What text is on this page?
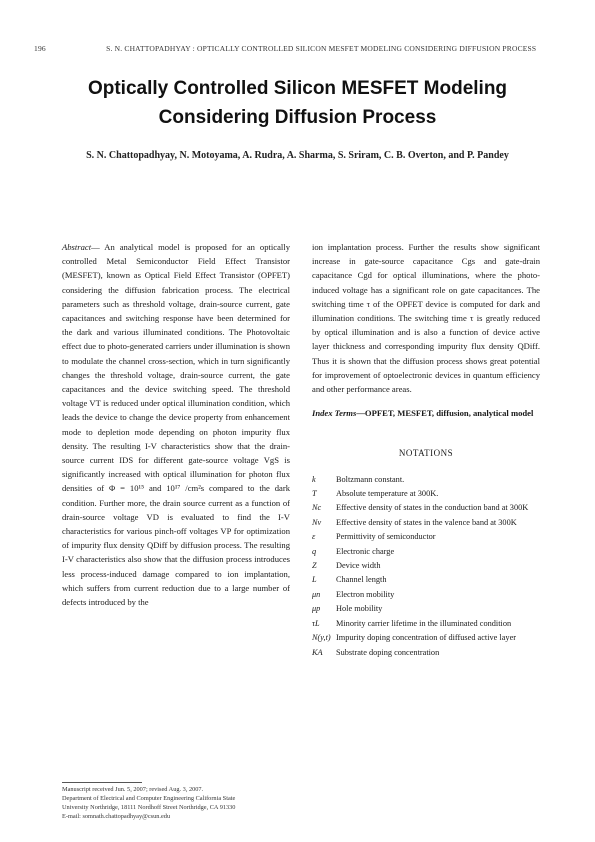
196	S. N. CHATTOPADHYAY : OPTICALLY CONTROLLED SILICON MESFET MODELING CONSIDERING DIFFUSION PROCESS
Optically Controlled Silicon MESFET Modeling
Considering Diffusion Process
S. N. Chattopadhyay, N. Motoyama, A. Rudra, A. Sharma, S. Sriram, C. B. Overton, and P. Pandey

Abstract— An analytical model is proposed for an optically controlled Metal Semiconductor Field Effect Transistor (MESFET), known as Optical Field Effect Transistor (OPFET) considering the diffusion fabrication process. The electrical parameters such as threshold voltage, drain-source current, gate capacitances and switching response have been determined for the dark and various illuminated conditions. The Photovoltaic effect due to photo-generated carriers under illumination is shown to modulate the channel cross-section, which in turn significantly changes the threshold voltage, drain-source current, the gate capacitances and the device switching speed. The threshold voltage VT is reduced under optical illumination condition, which leads the device to change the device property from enhancement mode to depletion mode depending on photon impurity flux density. The resulting I-V characteristics show that the drain-source current IDS for different gate-source voltage VgS is significantly increased with optical illumination for photon flux densities of Φ = 10¹⁵ and 10¹⁷ /cm²s compared to the dark condition. Further more, the drain source current as a function of drain-source voltage VD is evaluated to find the I-V characteristics for various pinch-off voltages VP for optimization of impurity flux density QDiff by diffusion process. The resulting I-V characteristics also show that the diffusion process introduces less process-induced damage compared to ion implantation, which suffers from current reduction due to a large number of defects introduced by the

ion implantation process. Further the results show significant increase in gate-source capacitance Cgs and gate-drain capacitance Cgd for optical illuminations, where the photo-induced voltage has a significant role on gate capacitances. The switching time τ of the OPFET device is computed for dark and illumination conditions. The switching time τ is greatly reduced by optical illumination and is also a function of device active layer thickness and corresponding impurity flux density QDiff. Thus it is shown that the diffusion process shows great potential for improvement of optoelectronic devices in quantum efficiency and other performance areas.

Index Terms—OPFET, MESFET, diffusion, analytical model

NOTATIONS
k	Boltzmann constant.
T	Absolute temperature at 300K.
Nc	Effective density of states in the conduction band at 300K
Nv	Effective density of states in the valence band at 300K
ε	Permittivity of semiconductor
q	Electronic charge
Z	Device width
L	Channel length
μn	Electron mobility
μp	Hole mobility
τL	Minority carrier lifetime in the illuminated condition
N(y,t) Impurity doping concentration of diffused active layer
KA	Substrate doping concentration
Manuscript received Jun. 5, 2007; revised Aug. 3, 2007.
Department of Electrical and Computer Engineering California State
University Northridge, 18111 Nordhoff Street Northridge, CA 91330
E-mail: somnath.chattopadhyay@csun.edu
